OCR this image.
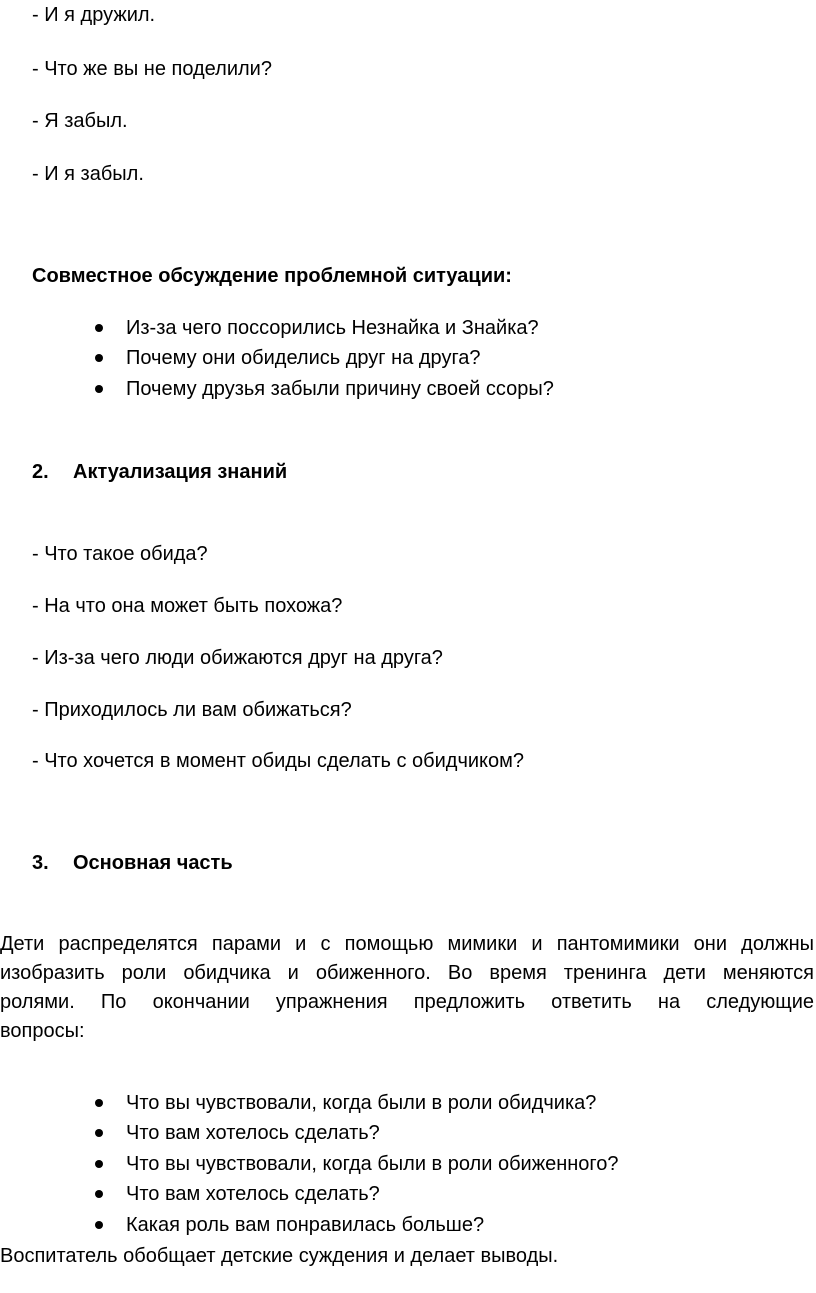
- И я дружил.
- Что же вы не поделили?
- Я забыл.
- И я забыл.
Совместное обсуждение проблемной ситуации:
Из-за чего поссорились Незнайка и Знайка?
Почему они обиделись друг на друга?
Почему друзья забыли причину своей ссоры?
2. Актуализация знаний
- Что такое обида?
- На что она может быть похожа?
- Из-за чего люди обижаются друг на друга?
- Приходилось ли вам обижаться?
- Что хочется в момент обиды сделать с обидчиком?
3. Основная часть
Дети распределятся парами и с помощью мимики и пантомимики они должны
изобразить роли обидчика и обиженного. Во время тренинга дети меняются
ролями. По окончании упражнения предложить ответить на следующие
вопросы:
Что вы чувствовали, когда были в роли обидчика?
Что вам хотелось сделать?
Что вы чувствовали, когда были в роли обиженного?
Что вам хотелось сделать?
Какая роль вам понравилась больше?
Воспитатель обобщает детские суждения и делает выводы.
